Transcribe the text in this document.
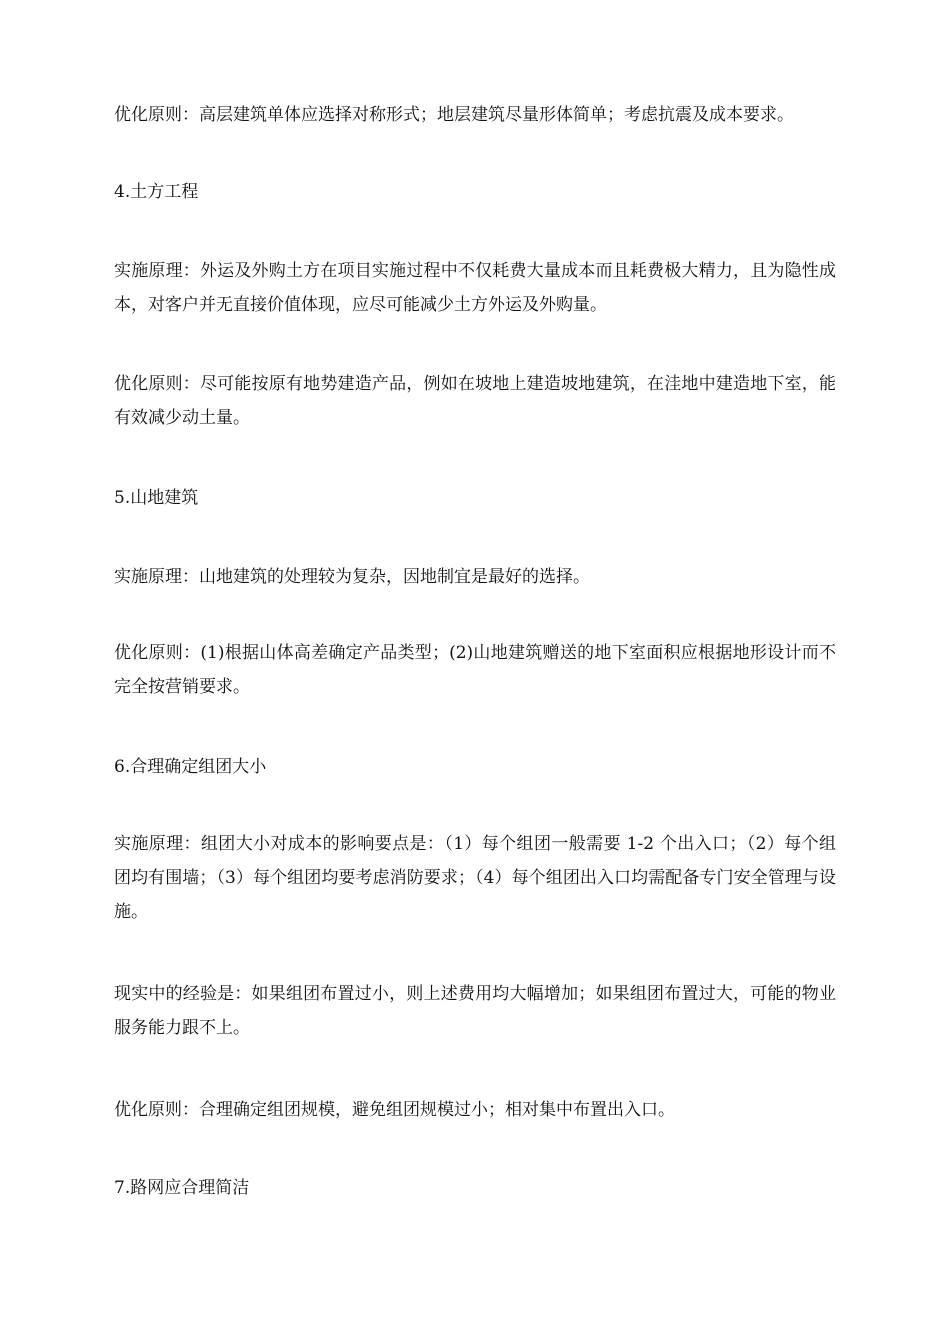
优化原则：高层建筑单体应选择对称形式；地层建筑尽量形体简单；考虑抗震及成本要求。

4.土方工程

实施原理：外运及外购土方在项目实施过程中不仅耗费大量成本而且耗费极大精力，且为隐性成本，对客户并无直接价值体现，应尽可能减少土方外运及外购量。

优化原则：尽可能按原有地势建造产品，例如在坡地上建造坡地建筑，在洼地中建造地下室，能有效减少动土量。

5.山地建筑

实施原理：山地建筑的处理较为复杂，因地制宜是最好的选择。

优化原则：(1)根据山体高差确定产品类型；(2)山地建筑赠送的地下室面积应根据地形设计而不完全按营销要求。

6.合理确定组团大小

实施原理：组团大小对成本的影响要点是：（1）每个组团一般需要 1-2 个出入口；（2）每个组团均有围墙；（3）每个组团均要考虑消防要求；（4）每个组团出入口均需配备专门安全管理与设施。

现实中的经验是：如果组团布置过小，则上述费用均大幅增加；如果组团布置过大，可能的物业服务能力跟不上。

优化原则：合理确定组团规模，避免组团规模过小；相对集中布置出入口。

7.路网应合理简洁
